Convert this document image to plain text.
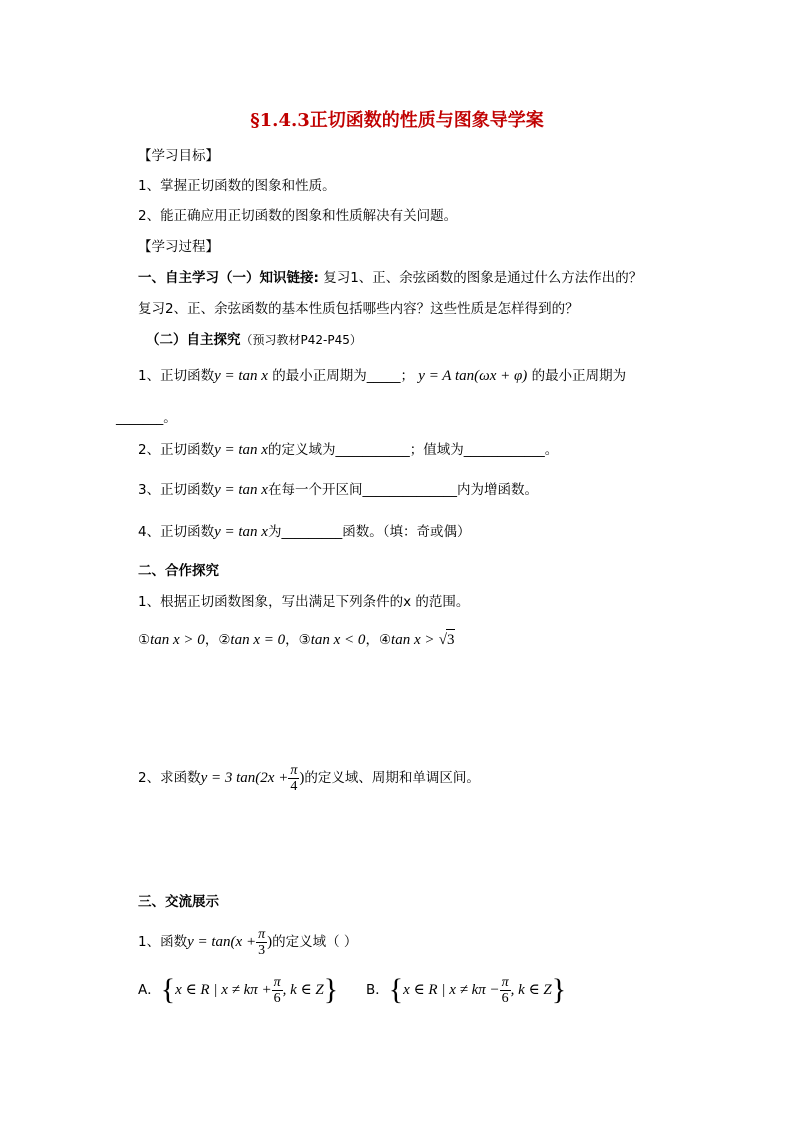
§1.4.3正切函数的性质与图象导学案
【学习目标】
1、掌握正切函数的图象和性质。
2、能正确应用正切函数的图象和性质解决有关问题。
【学习过程】
一、自主学习（一）知识链接: 复习1、正、余弦函数的图象是通过什么方法作出的？
复习2、正、余弦函数的基本性质包括哪些内容？这些性质是怎样得到的？
（二）自主探究（预习教材P42-P45）
1、正切函数y = tan x 的最小正周期为_____； y = A tan(ωx + φ) 的最小正周期为
_______。
2、正切函数y = tan x的定义域为___________；值域为____________。
3、正切函数y = tan x在每一个开区间______________内为增函数。
4、正切函数y = tan x为_________函数。（填：奇或偶）
二、合作探究
1、根据正切函数图象，写出满足下列条件的x 的范围。
①tan x > 0，②tan x = 0，③tan x < 0，④tan x > √3
2、求函数y = 3 $\tan(2x + \frac{\pi}{4}$ )的定义域、周期和单调区间。
三、交流展示
1、函数$y = \tan(x + \frac{\pi}{3}$ )的定义域（ ）
A．{x ∈ R | $x \ne k\pi + \frac{\pi}{6}$ , k ∈ Z} B．{x ∈ R | $x \ne k\pi - \frac{\pi}{6}$ , k ∈ Z}
